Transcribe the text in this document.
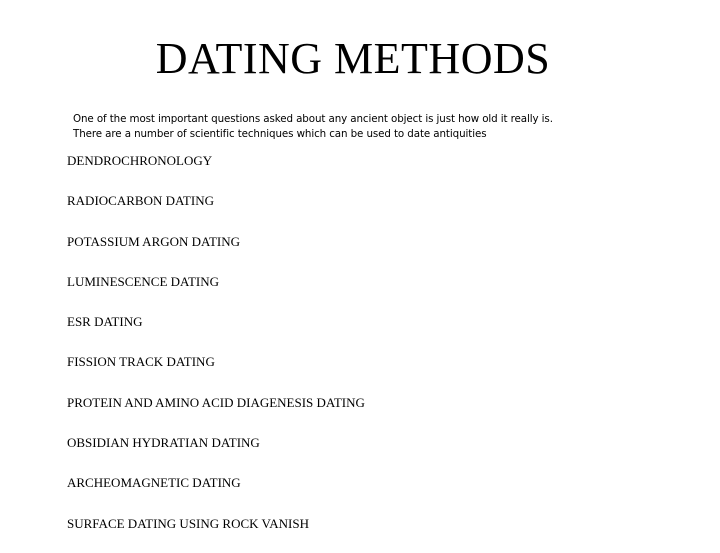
DATING METHODS
One of the most important questions asked about any ancient object is just how old it really is.
There are a number of scientific techniques which can be used to date antiquities
DENDROCHRONOLOGY
RADIOCARBON DATING
POTASSIUM ARGON DATING
LUMINESCENCE DATING
ESR DATING
FISSION TRACK DATING
PROTEIN AND AMINO ACID DIAGENESIS DATING
OBSIDIAN HYDRATIAN DATING
ARCHEOMAGNETIC DATING
SURFACE DATING USING ROCK VANISH
